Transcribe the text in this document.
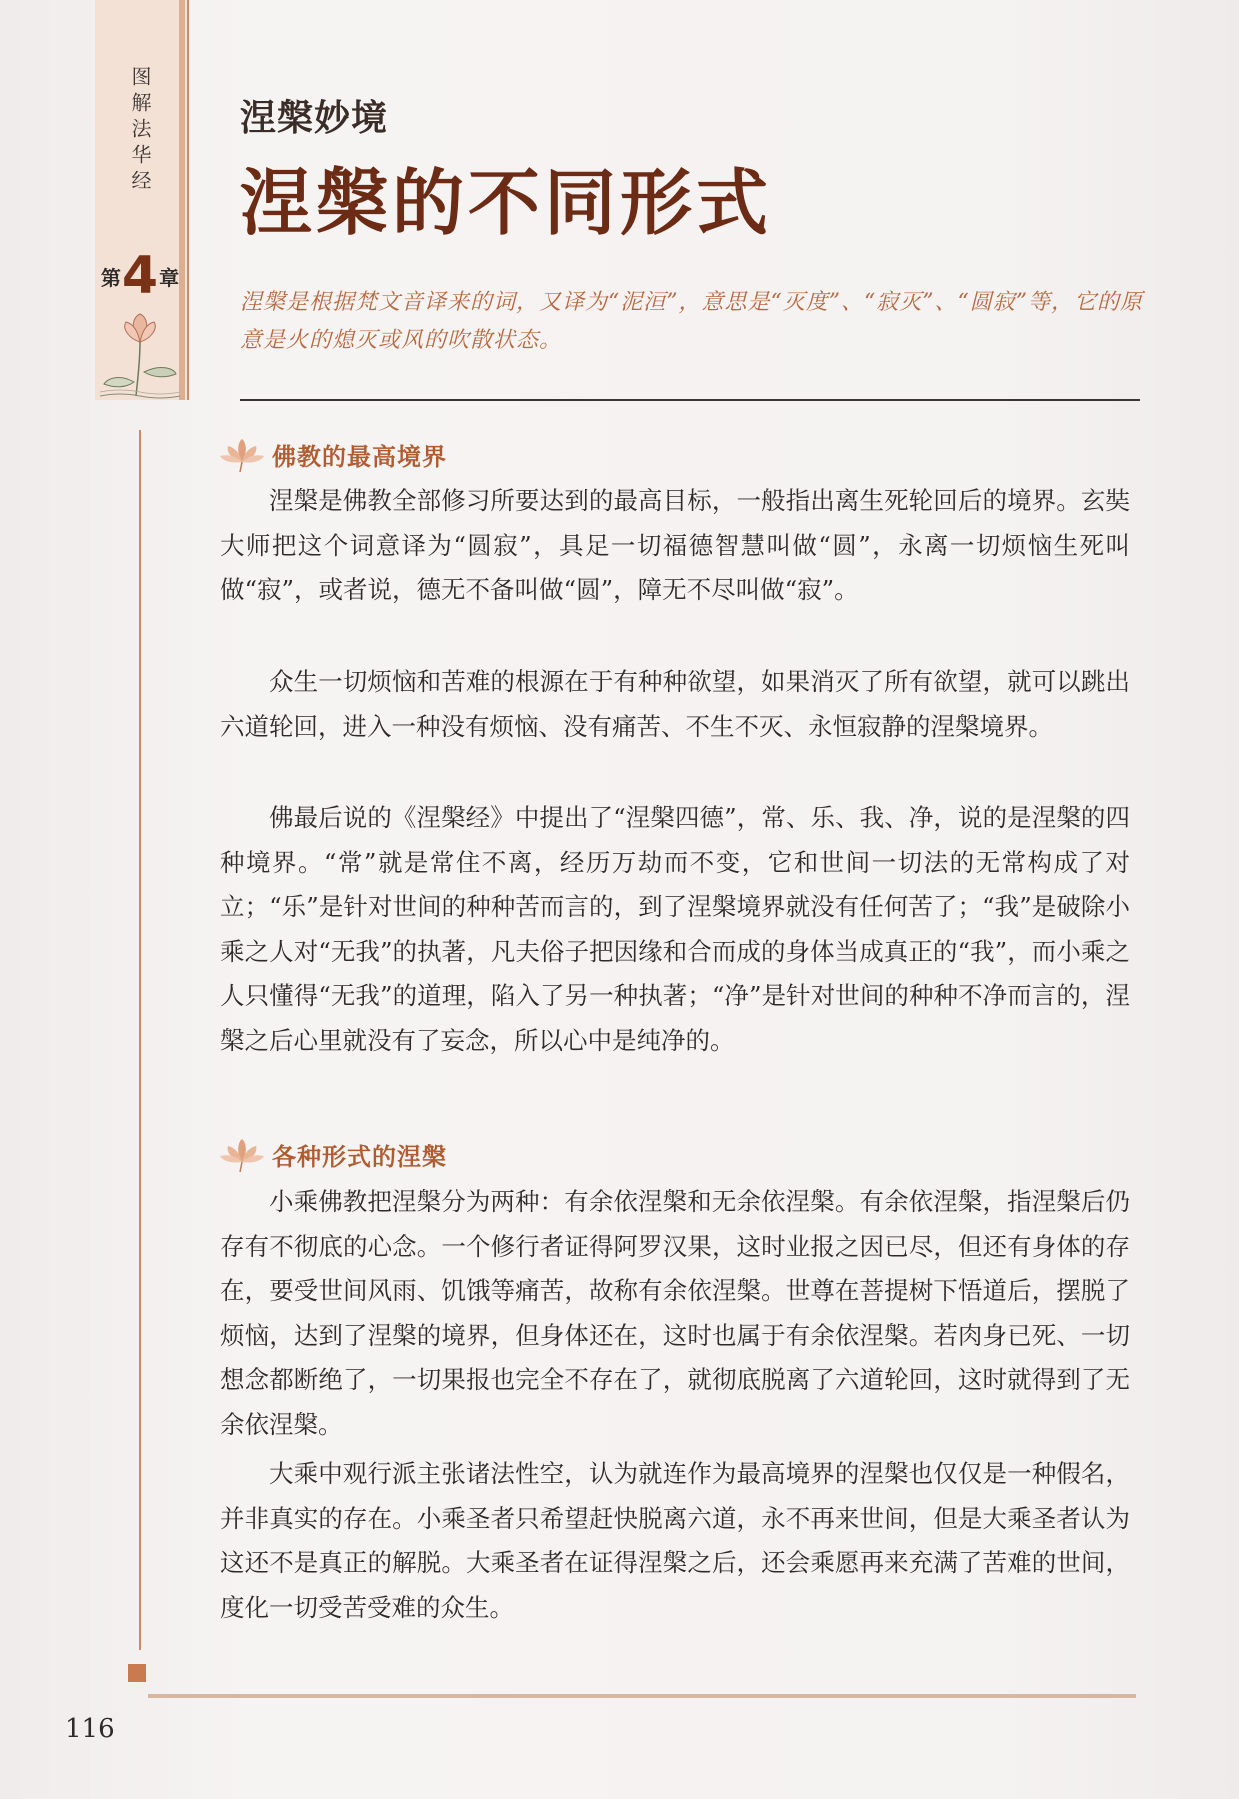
图解法华经
第 4 章
涅槃妙境
涅槃的不同形式

涅槃是根据梵文音译来的词，又译为“泥洹”，意思是“灭度”、“寂灭”、“圆寂”等，它的原意是火的熄灭或风的吹散状态。

佛教的最高境界

涅槃是佛教全部修习所要达到的最高目标，一般指出离生死轮回后的境界。玄奘大师把这个词意译为“圆寂”，具足一切福德智慧叫做“圆”，永离一切烦恼生死叫做“寂”，或者说，德无不备叫做“圆”，障无不尽叫做“寂”。

众生一切烦恼和苦难的根源在于有种种欲望，如果消灭了所有欲望，就可以跳出六道轮回，进入一种没有烦恼、没有痛苦、不生不灭、永恒寂静的涅槃境界。

佛最后说的《涅槃经》中提出了“涅槃四德”，常、乐、我、净，说的是涅槃的四种境界。“常”就是常住不离，经历万劫而不变，它和世间一切法的无常构成了对立；“乐”是针对世间的种种苦而言的，到了涅槃境界就没有任何苦了；“我”是破除小乘之人对“无我”的执著，凡夫俗子把因缘和合而成的身体当成真正的“我”，而小乘之人只懂得“无我”的道理，陷入了另一种执著；“净”是针对世间的种种不净而言的，涅槃之后心里就没有了妄念，所以心中是纯净的。

各种形式的涅槃

小乘佛教把涅槃分为两种：有余依涅槃和无余依涅槃。有余依涅槃，指涅槃后仍存有不彻底的心念。一个修行者证得阿罗汉果，这时业报之因已尽，但还有身体的存在，要受世间风雨、饥饿等痛苦，故称有余依涅槃。世尊在菩提树下悟道后，摆脱了烦恼，达到了涅槃的境界，但身体还在，这时也属于有余依涅槃。若肉身已死、一切想念都断绝了，一切果报也完全不存在了，就彻底脱离了六道轮回，这时就得到了无余依涅槃。

大乘中观行派主张诸法性空，认为就连作为最高境界的涅槃也仅仅是一种假名，并非真实的存在。小乘圣者只希望赶快脱离六道，永不再来世间，但是大乘圣者认为这还不是真正的解脱。大乘圣者在证得涅槃之后，还会乘愿再来充满了苦难的世间，度化一切受苦受难的众生。

116
